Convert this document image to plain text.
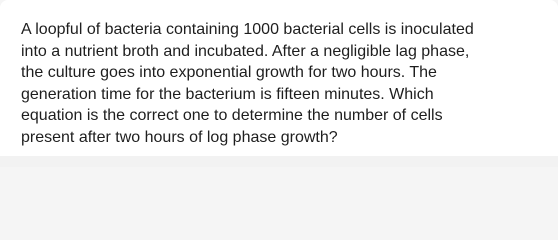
A loopful of bacteria containing 1000 bacterial cells is inoculated
into a nutrient broth and incubated. After a negligible lag phase,
the culture goes into exponential growth for two hours. The
generation time for the bacterium is fifteen minutes. Which
equation is the correct one to determine the number of cells
present after two hours of log phase growth?
